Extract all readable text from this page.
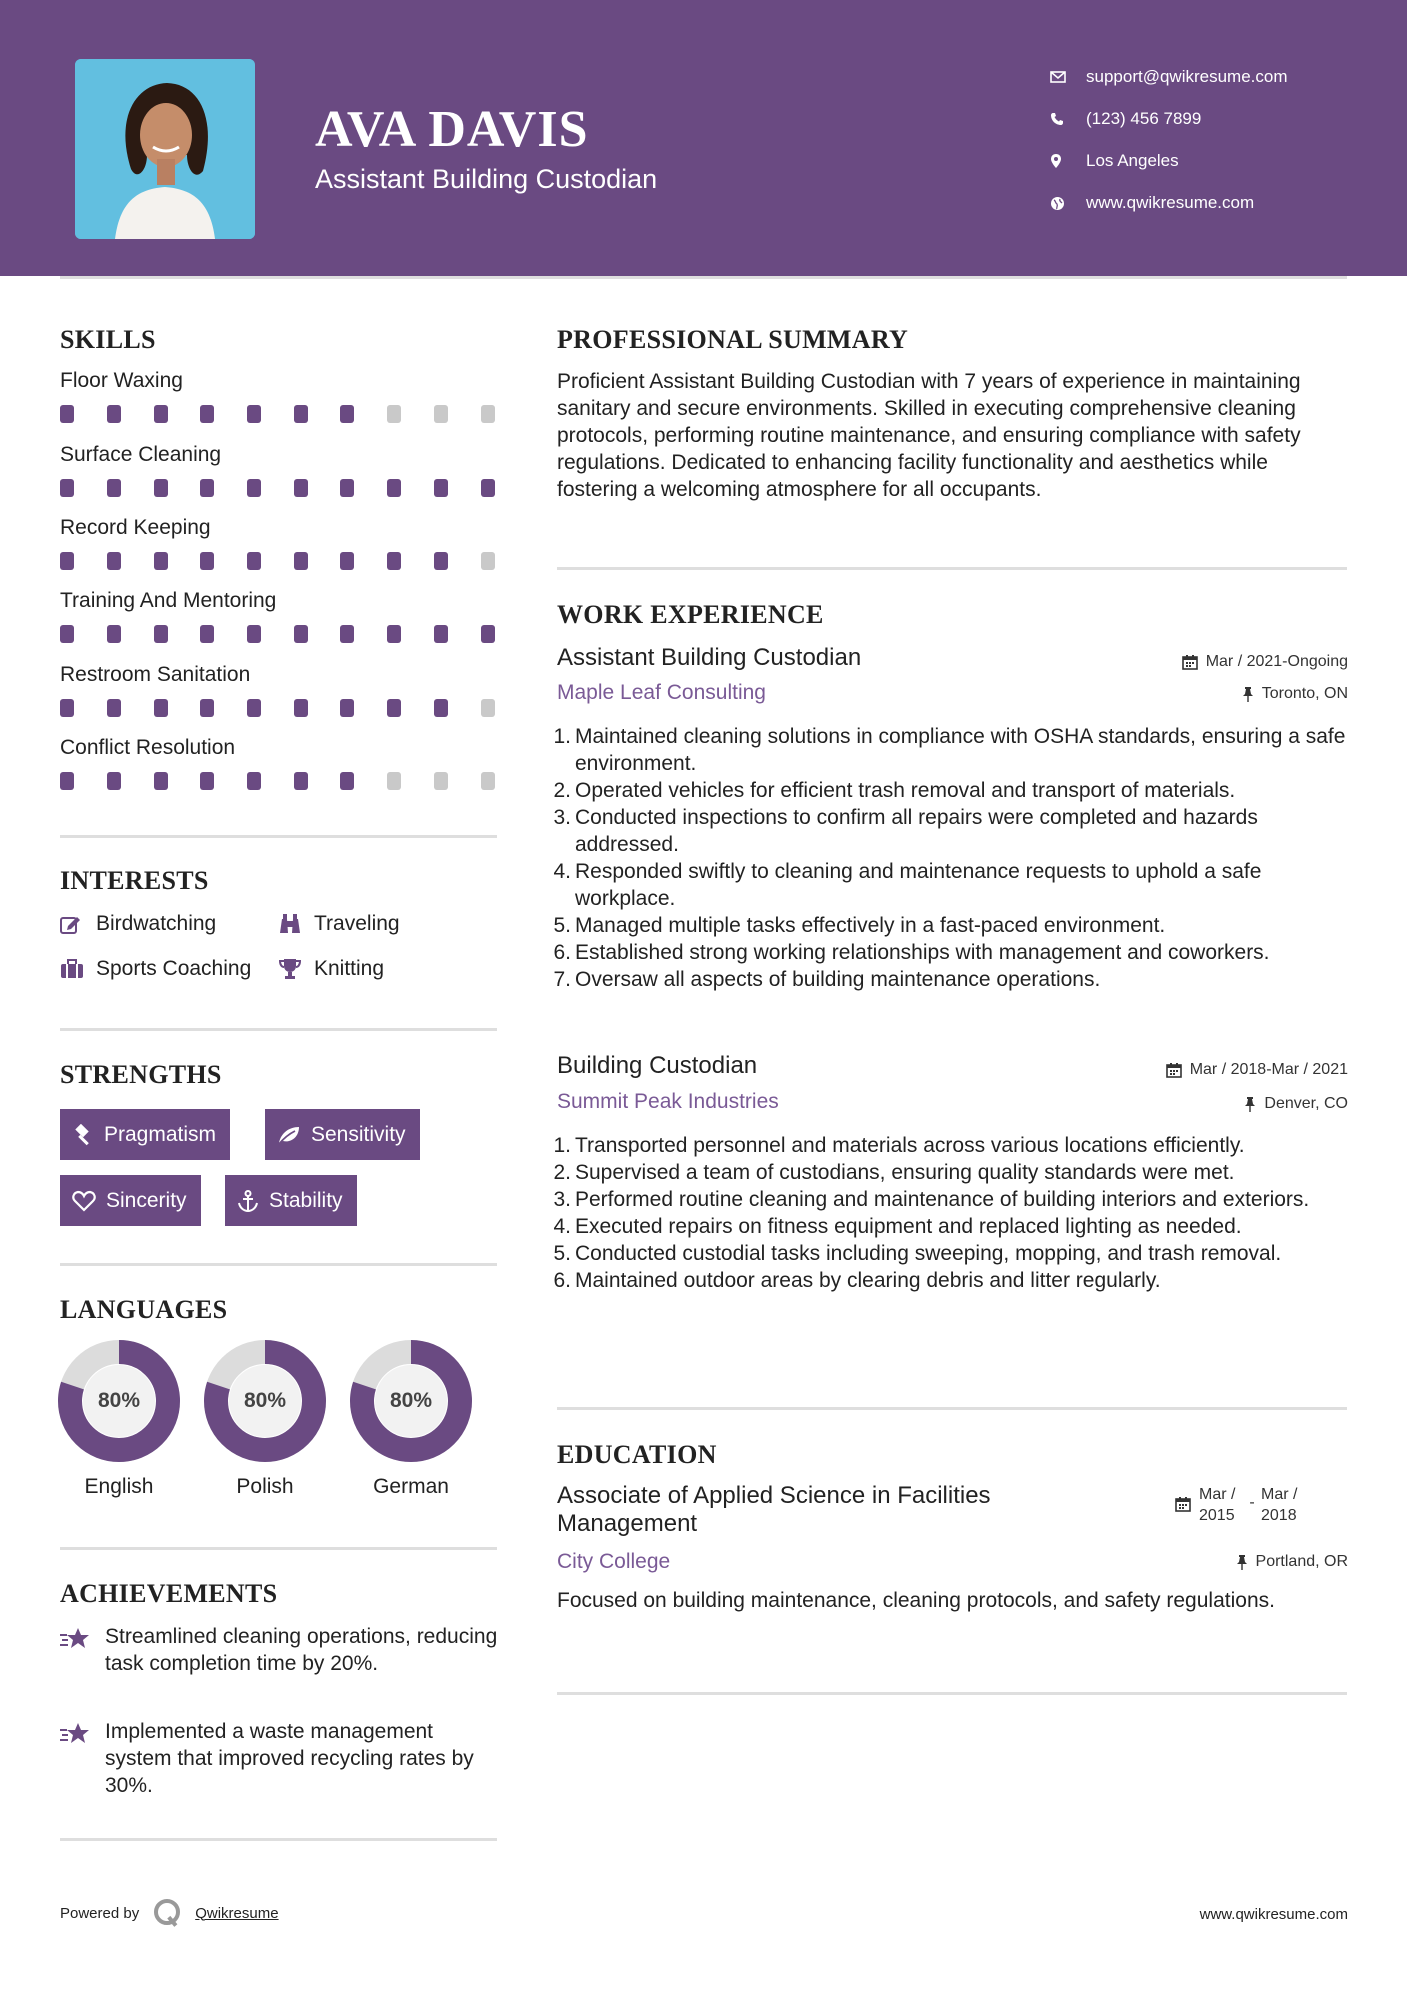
AVA DAVIS
Assistant Building Custodian
support@qwikresume.com
(123) 456 7899
Los Angeles
www.qwikresume.com
SKILLS
Floor Waxing
Surface Cleaning
Record Keeping
Training And Mentoring
Restroom Sanitation
Conflict Resolution
INTERESTS
Birdwatching	Traveling
Sports Coaching	Knitting
STRENGTHS
Pragmatism	Sensitivity
Sincerity	Stability
LANGUAGES
80%
English
80%
Polish
80%
German
ACHIEVEMENTS
Streamlined cleaning operations, reducing task completion time by 20%.
Implemented a waste management system that improved recycling rates by 30%.
PROFESSIONAL SUMMARY
Proficient Assistant Building Custodian with 7 years of experience in maintaining sanitary and secure environments. Skilled in executing comprehensive cleaning protocols, performing routine maintenance, and ensuring compliance with safety regulations. Dedicated to enhancing facility functionality and aesthetics while fostering a welcoming atmosphere for all occupants.
WORK EXPERIENCE
Assistant Building Custodian	Mar / 2021-Ongoing
Maple Leaf Consulting	Toronto, ON
1. Maintained cleaning solutions in compliance with OSHA standards, ensuring a safe environment.
2. Operated vehicles for efficient trash removal and transport of materials.
3. Conducted inspections to confirm all repairs were completed and hazards addressed.
4. Responded swiftly to cleaning and maintenance requests to uphold a safe workplace.
5. Managed multiple tasks effectively in a fast-paced environment.
6. Established strong working relationships with management and coworkers.
7. Oversaw all aspects of building maintenance operations.
Building Custodian	Mar / 2018-Mar / 2021
Summit Peak Industries	Denver, CO
1. Transported personnel and materials across various locations efficiently.
2. Supervised a team of custodians, ensuring quality standards were met.
3. Performed routine cleaning and maintenance of building interiors and exteriors.
4. Executed repairs on fitness equipment and replaced lighting as needed.
5. Conducted custodial tasks including sweeping, mopping, and trash removal.
6. Maintained outdoor areas by clearing debris and litter regularly.
EDUCATION
Associate of Applied Science in Facilities Management
Mar / 2015
- Mar / 2018
City College	Portland, OR
Focused on building maintenance, cleaning protocols, and safety regulations.
Powered by	Qwikresume	www.qwikresume.com
